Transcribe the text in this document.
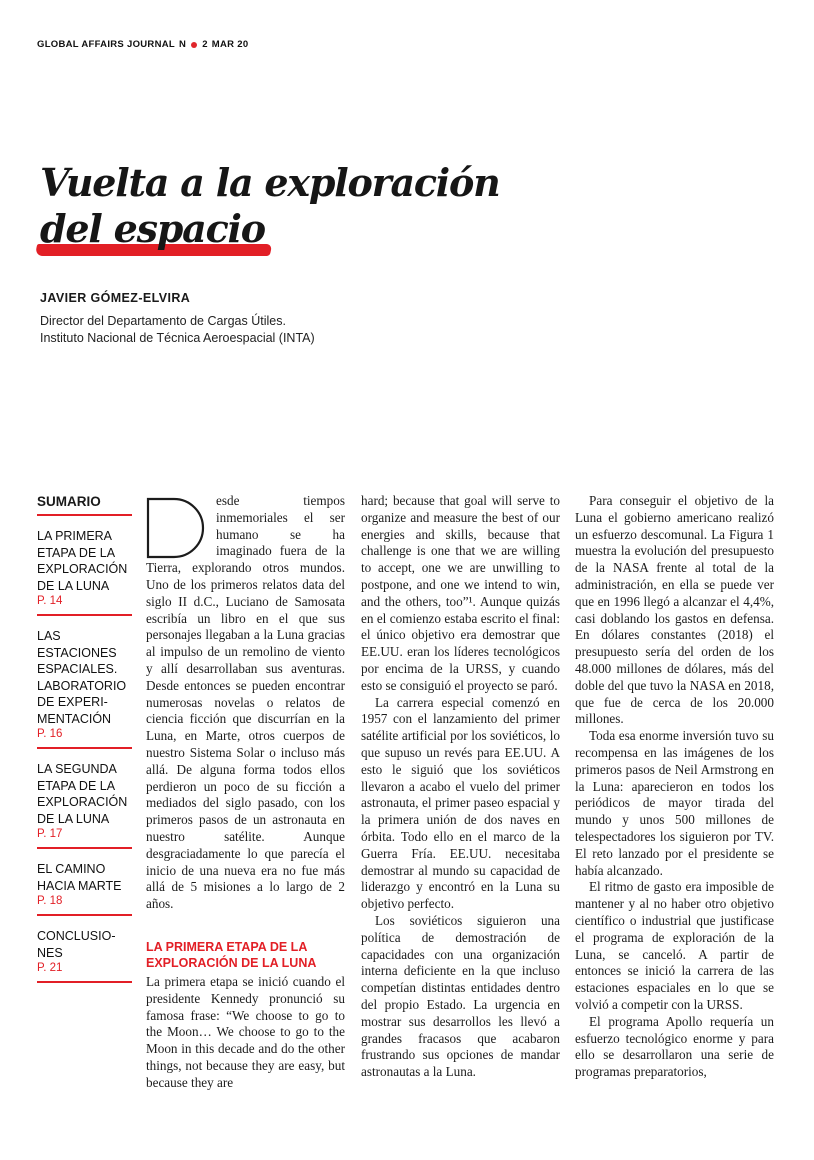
GLOBAL AFFAIRS JOURNAL N 2 MAR 20
Vuelta a la exploración
del espacio
JAVIER GÓMEZ-ELVIRA
Director del Departamento de Cargas Útiles.
Instituto Nacional de Técnica Aeroespacial (INTA)
SUMARIO
LA PRIMERA
ETAPA DE LA
EXPLORACIÓN
DE LA LUNA
P. 14
LAS
ESTACIONES
ESPACIALES.
LABORATORIO
DE EXPERI-
MENTACIÓN
P. 16
LA SEGUNDA
ETAPA DE LA
EXPLORACIÓN
DE LA LUNA
P. 17
EL CAMINO
HACIA MARTE
P. 18
CONCLUSIO-
NES
P. 21
D

esde tiempos inmemoriales el ser humano se ha imaginado fuera de la Tierra, explorando otros mundos. Uno de los primeros relatos data del siglo II d.C., Luciano de Samosata escribía un libro en el que sus personajes llegaban a la Luna gracias al impulso de un remolino de viento y allí desarrollaban sus aventuras. Desde entonces se pueden encontrar numerosas novelas o relatos de ciencia ficción que discurrían en la Luna, en Marte, otros cuerpos de nuestro Sistema Solar o incluso más allá. De alguna forma todos ellos perdieron un poco de su ficción a mediados del siglo pasado, con los primeros pasos de un astronauta en nuestro satélite. Aunque desgraciadamente lo que parecía el inicio de una nueva era no fue más allá de 5 misiones a lo largo de 2 años.

LA PRIMERA ETAPA DE LA EXPLORACIÓN DE LA LUNA

La primera etapa se inició cuando el presidente Kennedy pronunció su famosa frase: “We choose to go to the Moon… We choose to go to the Moon in this decade and do the other things, not because they are easy, but because they are

hard; because that goal will serve to organize and measure the best of our energies and skills, because that challenge is one that we are willing to accept, one we are unwilling to postpone, and one we intend to win, and the others, too”¹. Aunque quizás en el comienzo estaba escrito el final: el único objetivo era demostrar que EE.UU. eran los líderes tecnológicos por encima de la URSS, y cuando esto se consiguió el proyecto se paró.

La carrera especial comenzó en 1957 con el lanzamiento del primer satélite artificial por los soviéticos, lo que supuso un revés para EE.UU. A esto le siguió que los soviéticos llevaron a acabo el vuelo del primer astronauta, el primer paseo espacial y la primera unión de dos naves en órbita. Todo ello en el marco de la Guerra Fría. EE.UU. necesitaba demostrar al mundo su capacidad de liderazgo y encontró en la Luna su objetivo perfecto.

Los soviéticos siguieron una política de demostración de capacidades con una organización interna deficiente en la que incluso competían distintas entidades dentro del propio Estado. La urgencia en mostrar sus desarrollos les llevó a grandes fracasos que acabaron frustrando sus opciones de mandar astronautas a la Luna.

Para conseguir el objetivo de la Luna el gobierno americano realizó un esfuerzo descomunal. La Figura 1 muestra la evolución del presupuesto de la NASA frente al total de la administración, en ella se puede ver que en 1996 llegó a alcanzar el 4,4%, casi doblando los gastos en defensa. En dólares constantes (2018) el presupuesto sería del orden de los 48.000 millones de dólares, más del doble del que tuvo la NASA en 2018, que fue de cerca de los 20.000 millones.

Toda esa enorme inversión tuvo su recompensa en las imágenes de los primeros pasos de Neil Armstrong en la Luna: aparecieron en todos los periódicos de mayor tirada del mundo y unos 500 millones de telespectadores los siguieron por TV. El reto lanzado por el presidente se había alcanzado.

El ritmo de gasto era imposible de mantener y al no haber otro objetivo científico o industrial que justificase el programa de exploración de la Luna, se canceló. A partir de entonces se inició la carrera de las estaciones espaciales en lo que se volvió a competir con la URSS.

El programa Apollo requería un esfuerzo tecnológico enorme y para ello se desarrollaron una serie de programas preparatorios,
